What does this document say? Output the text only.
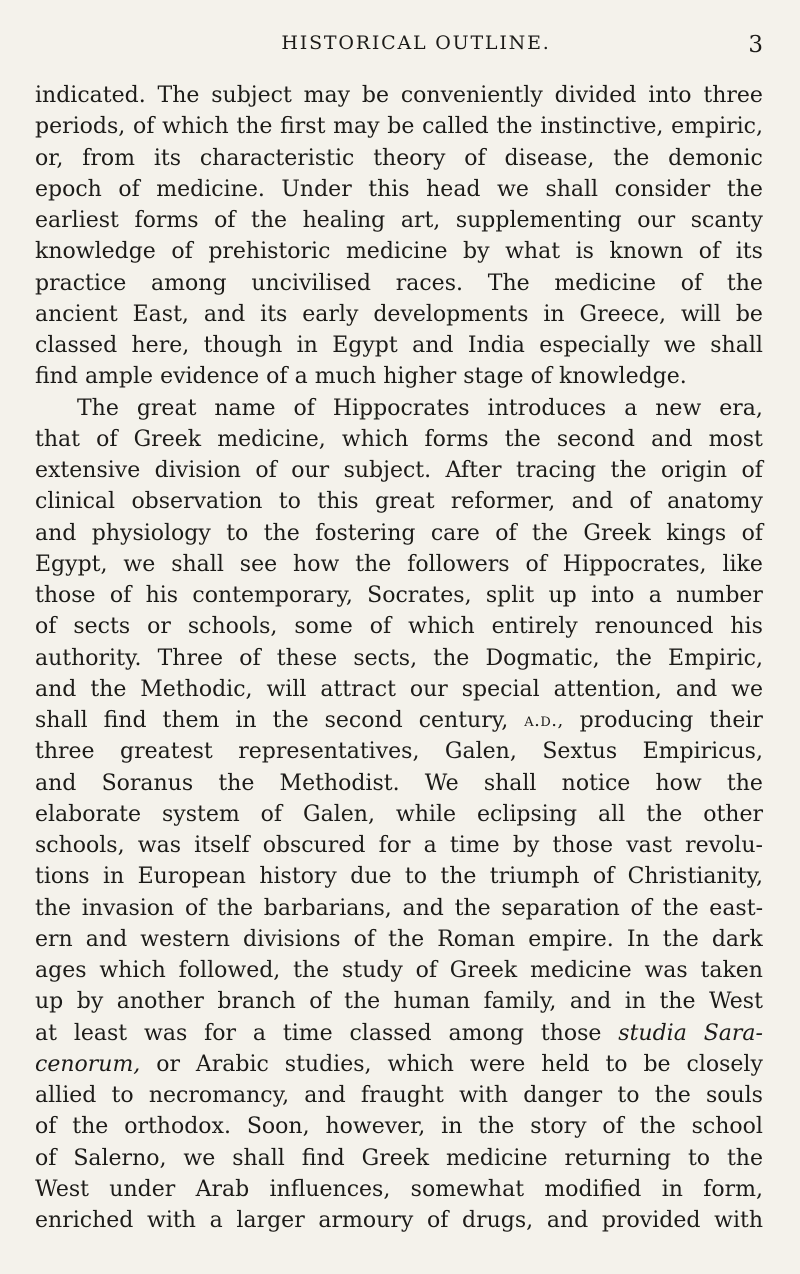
HISTORICAL OUTLINE.	3
indicated. The subject may be conveniently divided into three
periods, of which the first may be called the instinctive, empiric,
or, from its characteristic theory of disease, the demonic
epoch of medicine. Under this head we shall consider the
earliest forms of the healing art, supplementing our scanty
knowledge of prehistoric medicine by what is known of its
practice among uncivilised races. The medicine of the
ancient East, and its early developments in Greece, will be
classed here, though in Egypt and India especially we shall
find
ample
evidence
of
a
much
higher
stage
of
knowledge.
The great name of Hippocrates introduces a new era,
that of Greek medicine, which forms the second and most
extensive division of our subject. After tracing the origin of
clinical observation to this great reformer, and of anatomy
and physiology to the fostering care of the Greek kings of
Egypt, we shall see how the followers of Hippocrates, like
those of his contemporary, Socrates, split up into a number
of sects or schools, some of which entirely renounced his
authority. Three of these sects, the Dogmatic, the Empiric,
and the Methodic, will attract our special attention, and we
shall find them in the second century, a.d., producing their
three greatest representatives, Galen, Sextus Empiricus,
and Soranus the Methodist. We shall notice how the
elaborate system of Galen, while eclipsing all the other
schools, was itself obscured for a time by those vast revolu-
tions in European history due to the triumph of Christianity,
the invasion of the barbarians, and the separation of the east-
ern and western divisions of the Roman empire. In the dark
ages which followed, the study of Greek medicine was taken
up by another branch of the human family, and in the West
at least was for a time classed among those studia Sara-
cenorum, or Arabic studies, which were held to be closely
allied to necromancy, and fraught with danger to the souls
of the orthodox. Soon, however, in the story of the school
of Salerno, we shall find Greek medicine returning to the
West under Arab influences, somewhat modified in form,
enriched with a larger armoury of drugs, and provided with
